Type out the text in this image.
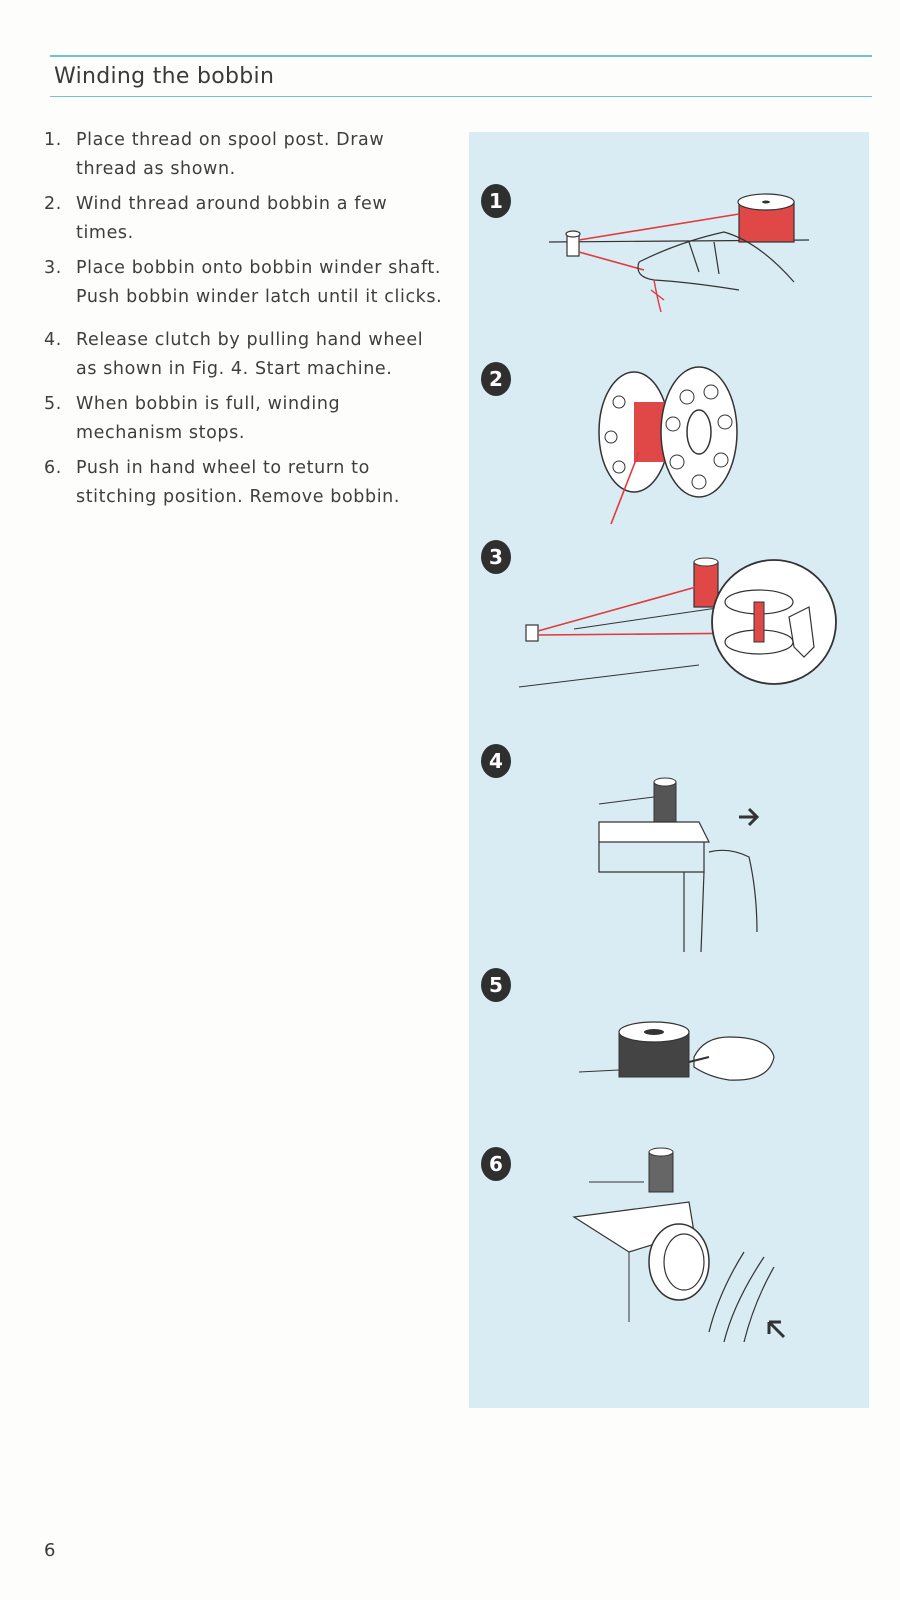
Winding the bobbin
1. Place thread on spool post. Draw thread as shown.
2. Wind thread around bobbin a few times.
3. Place bobbin onto bobbin winder shaft. Push bobbin winder latch until it clicks.
4. Release clutch by pulling hand wheel as shown in Fig. 4. Start machine.
5. When bobbin is full, winding mechanism stops.
6. Push in hand wheel to return to stitching position. Remove bobbin.
1
2
3
4
5
6
6
